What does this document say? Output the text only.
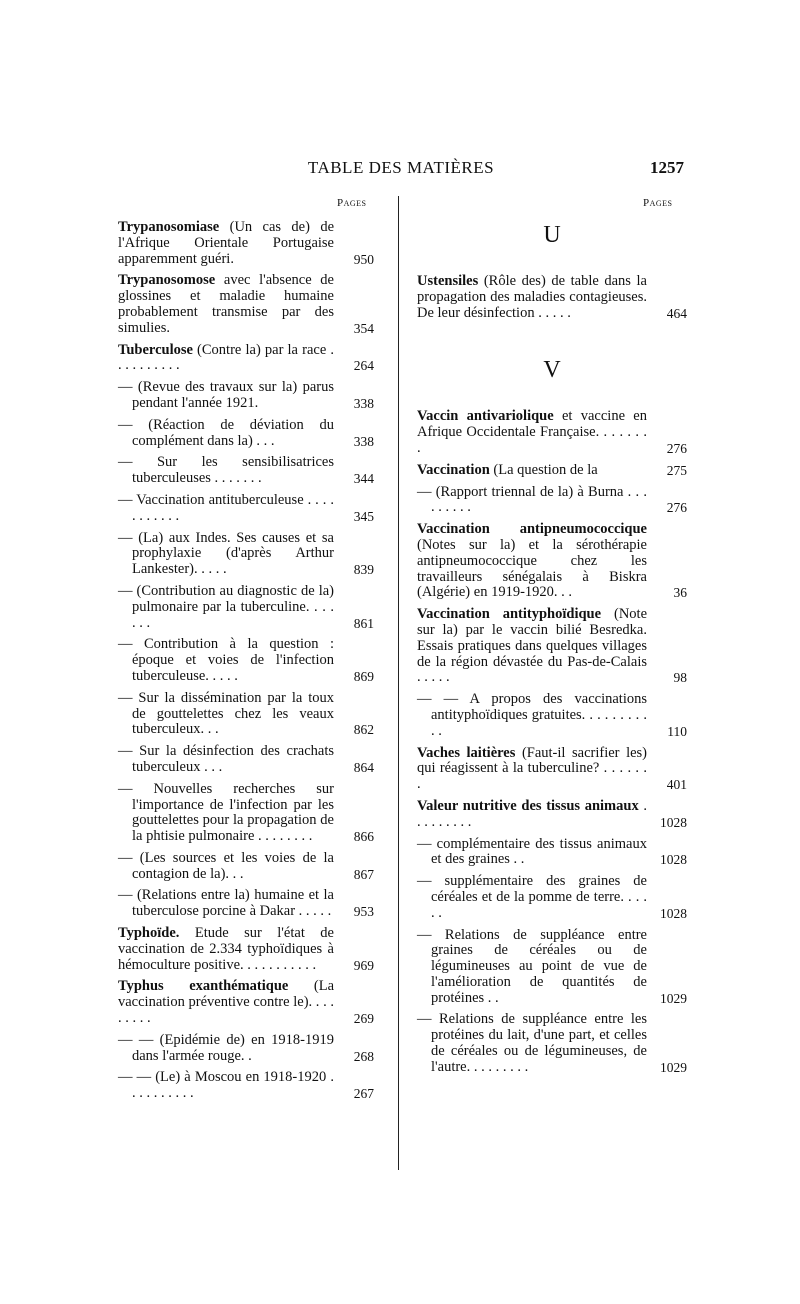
TABLE DES MATIÈRES	1257
Pages	Pages
Trypanosomiase (Un cas de) de l'Afrique Orientale Portugaise apparemment guéri.	950
Trypanosomose avec l'absence de glossines et maladie humaine probablement transmise par des simulies.	354
Tuberculose (Contre la) par la race . . . . . . . . . .	264
— (Revue des travaux sur la) parus pendant l'année 1921.	338
— (Réaction de déviation du complément dans la) . . .	338
— Sur les sensibilisatrices tuberculeuses . . . . . . .	344
— Vaccination antituberculeuse . . . . . . . . . . .	345
— (La) aux Indes. Ses causes et sa prophylaxie (d'après Arthur Lankester). . . . .	839
— (Contribution au diagnostic de la) pulmonaire par la tuberculine. . . . . . .	861
— Contribution à la question : époque et voies de l'infection tuberculeuse. . . . .	869
— Sur la dissémination par la toux de gouttelettes chez les veaux tuberculeux. . .	862
— Sur la désinfection des crachats tuberculeux . . .	864
— Nouvelles recherches sur l'importance de l'infection par les gouttelettes pour la propagation de la phtisie pulmonaire . . . . . . . .	866
— (Les sources et les voies de la contagion de la). . .	867
— (Relations entre la) humaine et la tuberculose porcine à Dakar . . . . .	953
Typhoïde. Etude sur l'état de vaccination de 2.334 typhoïdiques à hémoculture positive. . . . . . . . . . .	969
Typhus exanthématique (La vaccination préventive contre le). . . . . . . . .	269
— — (Epidémie de) en 1918-1919 dans l'armée rouge. .	268
— — (Le) à Moscou en 1918-1920 . . . . . . . . . .	267
U
Ustensiles (Rôle des) de table dans la propagation des maladies contagieuses. De leur désinfection . . . . .	464
V
Vaccin antivariolique et vaccine en Afrique Occidentale Française. . . . . . . .	276
Vaccination (La question de la	275
— (Rapport triennal de la) à Burna . . . . . . . . .	276
Vaccination antipneumococcique (Notes sur la) et la sérothérapie antipneumococcique chez les travailleurs sénégalais à Biskra (Algérie) en 1919-1920. . .	36
Vaccination antityphoïdique (Note sur la) par le vaccin bilié Besredka. Essais pratiques dans quelques villages de la région dévastée du Pas-de-Calais . . . . .	98
— — A propos des vaccinations antityphoïdiques gratuites. . . . . . . . . . .	110
Vaches laitières (Faut-il sacrifier les) qui réagissent à la tuberculine? . . . . . . .	401
Valeur nutritive des tissus animaux . . . . . . . . .	1028
— complémentaire des tissus animaux et des graines . .	1028
— supplémentaire des graines de céréales et de la pomme de terre. . . . . .	1028
— Relations de suppléance entre graines de céréales ou de légumineuses au point de vue de l'amélioration de quantités de protéines . .	1029
— Relations de suppléance entre les protéines du lait, d'une part, et celles de céréales ou de légumineuses, de l'autre. . . . . . . . .	1029
